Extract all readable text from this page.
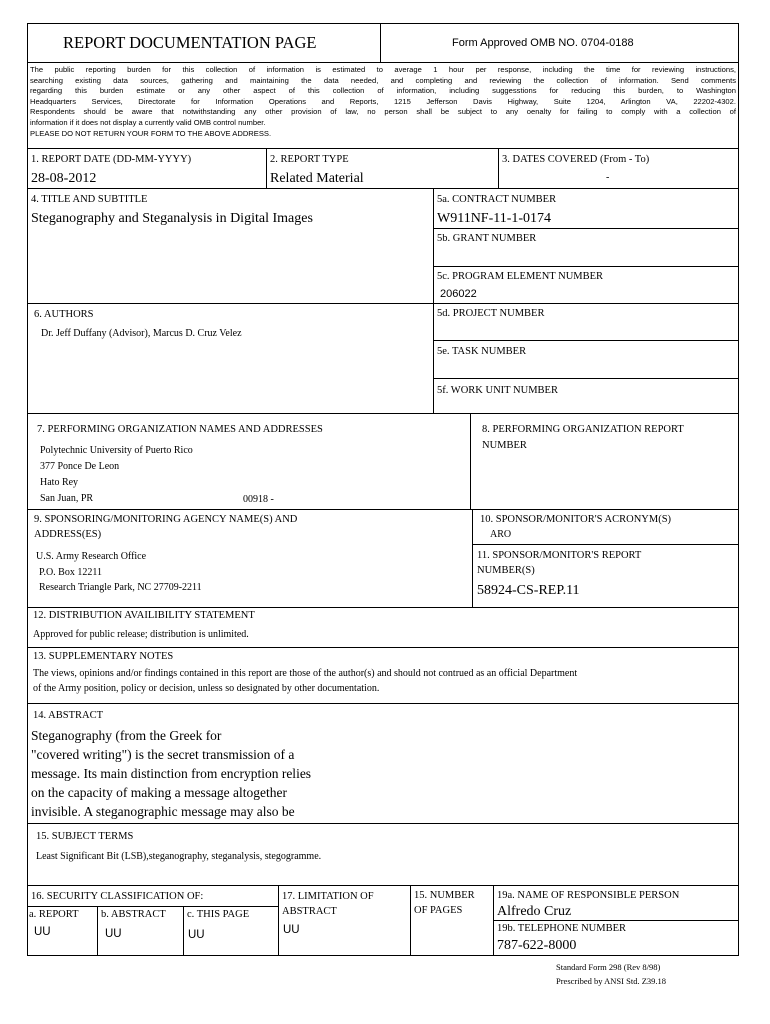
REPORT DOCUMENTATION PAGE	Form Approved OMB NO. 0704-0188
The public reporting burden for this collection of information is estimated to average 1 hour per response, including the time for reviewing instructions,
searching existing data sources, gathering and maintaining the data needed, and completing and reviewing the collection of information. Send comments
regarding this burden estimate or any other aspect of this collection of information, including suggesstions for reducing this burden, to Washington
Headquarters Services, Directorate for Information Operations and Reports, 1215 Jefferson Davis Highway, Suite 1204, Arlington VA, 22202-4302.
Respondents should be aware that notwithstanding any other provision of law, no person shall be subject to any oenalty for failing to comply with a collection of
information if it does not display a currently valid OMB control number.
PLEASE DO NOT RETURN YOUR FORM TO THE ABOVE ADDRESS.
1. REPORT DATE (DD-MM-YYYY)
28-08-2012
2. REPORT TYPE
Related Material
3. DATES COVERED (From - To)
-
4. TITLE AND SUBTITLE
Steganography and Steganalysis in Digital Images
5a. CONTRACT NUMBER
W911NF-11-1-0174
5b. GRANT NUMBER
5c. PROGRAM ELEMENT NUMBER
206022
6. AUTHORS
Dr. Jeff Duffany (Advisor), Marcus D. Cruz Velez
5d. PROJECT NUMBER
5e. TASK NUMBER
5f. WORK UNIT NUMBER
7. PERFORMING ORGANIZATION NAMES AND ADDRESSES
Polytechnic University of Puerto Rico
377 Ponce De Leon
Hato Rey
San Juan, PR	00918 -
8. PERFORMING ORGANIZATION REPORT
NUMBER
9. SPONSORING/MONITORING AGENCY NAME(S) AND
ADDRESS(ES)
U.S. Army Research Office
P.O. Box 12211
Research Triangle Park, NC 27709-2211
10. SPONSOR/MONITOR'S ACRONYM(S)
ARO
11. SPONSOR/MONITOR'S REPORT
NUMBER(S)
58924-CS-REP.11
12. DISTRIBUTION AVAILIBILITY STATEMENT
Approved for public release; distribution is unlimited.
13. SUPPLEMENTARY NOTES
The views, opinions and/or findings contained in this report are those of the author(s) and should not contrued as an official Department
of the Army position, policy or decision, unless so designated by other documentation.
14. ABSTRACT
Steganography (from the Greek for
"covered writing") is the secret transmission of a
message. Its main distinction from encryption relies
on the capacity of making a message altogether
invisible. A steganographic message may also be
15. SUBJECT TERMS
Least Significant Bit (LSB),steganography, steganalysis, stegogramme.
16. SECURITY CLASSIFICATION OF:
a. REPORT
UU
b. ABSTRACT
UU
c. THIS PAGE
UU
17. LIMITATION OF
ABSTRACT
UU
15. NUMBER
OF PAGES
19a. NAME OF RESPONSIBLE PERSON
Alfredo Cruz
19b. TELEPHONE NUMBER
787-622-8000
Standard Form 298 (Rev 8/98)
Prescribed by ANSI Std. Z39.18
